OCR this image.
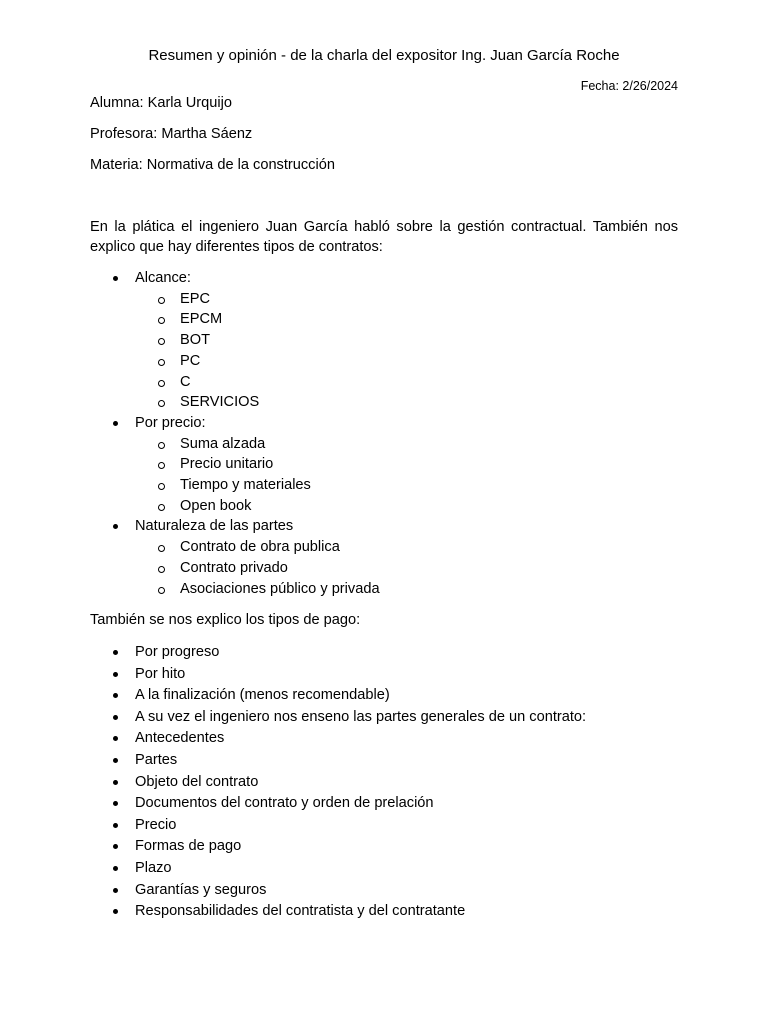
Resumen y opinión - de la charla del expositor Ing. Juan García Roche
Fecha: 2/26/2024
Alumna: Karla Urquijo
Profesora: Martha Sáenz
Materia: Normativa de la construcción

En la plática el ingeniero Juan García habló sobre la gestión contractual. También nos explico que hay diferentes tipos de contratos:

Alcance:
EPC
EPCM
BOT
PC
C
SERVICIOS
Por precio:
Suma alzada
Precio unitario
Tiempo y materiales
Open book
Naturaleza de las partes
Contrato de obra publica
Contrato privado
Asociaciones público y privada
También se nos explico los tipos de pago:
Por progreso
Por hito
A la finalización (menos recomendable)
A su vez el ingeniero nos enseno las partes generales de un contrato:
Antecedentes
Partes
Objeto del contrato
Documentos del contrato y orden de prelación
Precio
Formas de pago
Plazo
Garantías y seguros
Responsabilidades del contratista y del contratante
